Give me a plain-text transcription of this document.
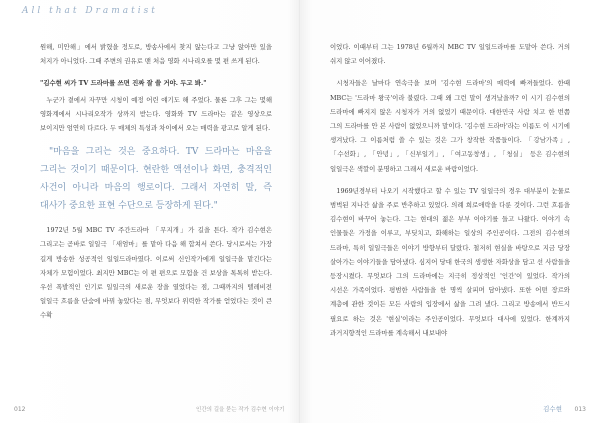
All that Dramatist

원해, 미안해」에서 밝혔을 정도로, 방송사에서 찾지 않는다고 그냥 앉아만 있을 처지가 아니었다. 그때 주변의 권유로 맨 처음 영화 시나리오를 몇 편 쓰게 된다.

"김수현 씨가 TV 드라마를 쓰면 진짜 잘 쓸 거야. 두고 봐."

누군가 곁에서 자꾸만 시청이 예정 어린 얘기도 해 주었다. 물론 그후 그는 몇해 영화계에서 시나리오작가 상까지 받는다. 영화와 TV 드라마는 같은 영상으로 보이지만 엄연히 다르다. 두 매체의 특성과 차이에서 오는 매력을 광고로 알게 된다.

"마음을 그리는 것은 중요하다. TV 드라마는 마음을 그리는 것이기 때문이다. 현란한 액션이나 화면, 충격적인 사건이 아니라 마음의 행로이다. 그래서 자연히 말, 즉 대사가 중요한 표현 수단으로 등장하게 된다."

1972년 5월 MBC TV 주간드라마 「무지개」가 길을 튼다. 작가 김수현은 그리고는 곧바로 일일극 「새엄마」를 맡아 다음 해 합쳐서 쓴다. 당시로서는 가장 길게 방송한 성공적인 일일드라마였다. 이로써 신인작가에게 일일극을 맡긴다는 자체가 모험이었다. 최지만 MBC는 이 편 편으로 모험을 건 보상을 톡톡히 받는다. 우선 폭발적인 인기로 일일극의 새로운 장을 열었다는 점, 그때까지의 텔레비전 일일극 흐름을 단숨에 바꿔 놓았다는 점, 무엇보다 위력한 작가를 얻었다는 것이 큰 수확

012	인간의 길을 묻는 작가 김수현 이야기

이었다. 이때부터 그는 1978년 6월까지 MBC TV 일일드라마를 도맡아 쓴다. 거의 쉬지 않고 이어졌다.

시청자들은 날마다 연속극을 보며 '김수현 드라마'의 매력에 빠져들었다. 한때 MBC는 '드라마 왕국'이라 불렸다. 그때 왜 그런 말이 생겨났을까? 이 시기 김수현의 드라마에 빠지지 않은 시청자가 거의 없었기 때문이다. 대한민국 사람 치고 한 번쯤 그의 드라마를 안 본 사람이 없었으니까 말이다. '김수현 드라마'라는 이름도 이 시기에 생겨났다. 그 이름처럼 쓸 수 있는 것은 그가 창작한 작품들이다. 「강남가족」, 「수선화」, 「안녕」, 「신부일기」, 「여고동창생」, 「청실」 등은 김수현의 일일극은 색깔이 분명하고 그래서 새로운 바람이었다.

1969년경부터 나오기 시작했다고 할 수 있는 TV 일일극의 경우 대부분이 눈물로 범벅된 지나간 삶을 주로 반추하고 있었다. 의례 희로애락을 다룬 것이다. 그런 흐름을 김수현이 바꾸어 놓는다. 그는 현대의 젊은 부부 이야기를 들고 나왔다. 이야기 속 인물들은 가정을 이루고, 부딪치고, 화해하는 일상의 주인공이다. 그전의 김수현의 드라마, 특히 일일극들은 이야기 방향부터 달랐다. 철저히 현실을 바탕으로 지금 당장 살아가는 이야기들을 담아냈다. 심지어 당대 한국의 생생한 자화상을 담고 선 사람들을 등장시켰다. 무엇보다 그의 드라마에는 지극히 정상적인 '인간'이 있었다. 작가의 시선은 가족이었다. 평범한 사람들을 한 명씩 살피며 담아냈다. 또한 어떤 장르와 계층에 관한 것이든 모든 사람의 입장에서 삶을 그려 냈다. 그리고 방송에서 반드시 필요로 하는 것은 '현실'이라는 주인공이었다. 무엇보다 대사에 있었다. 한계까지 과거지향적인 드라마를 계속해서 내보내야

김수현 013
